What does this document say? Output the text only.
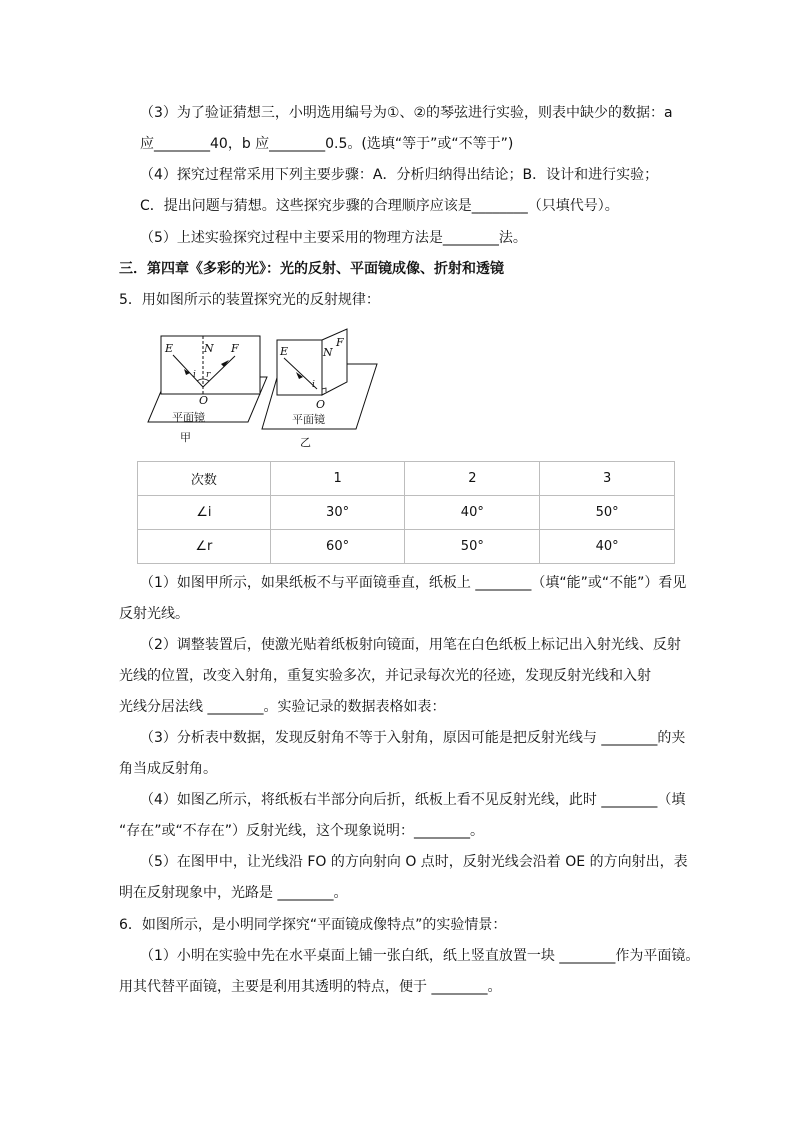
（3）为了验证猜想三，小明选用编号为①、②的琴弦进行实验，则表中缺少的数据：a
应________40，b 应________0.5。(选填“等于”或“不等于”)
（4）探究过程常采用下列主要步骤：A．分析归纳得出结论；B．设计和进行实验；
C．提出问题与猜想。这些探究步骤的合理顺序应该是________（只填代号）。
（5）上述实验探究过程中主要采用的物理方法是________法。
三．第四章《多彩的光》：光的反射、平面镜成像、折射和透镜
5．用如图所示的装置探究光的反射规律：
E	N F
i r
O
平面镜
甲
E	N
F
i
O
平面镜
乙
次数	1	2	3
∠i	30°	40°	50°
∠r	60°	50°	40°
（1）如图甲所示，如果纸板不与平面镜垂直，纸板上 ________（填“能”或“不能”）看见
反射光线。
（2）调整装置后，使激光贴着纸板射向镜面，用笔在白色纸板上标记出入射光线、反射
光线的位置，改变入射角，重复实验多次，并记录每次光的径迹，发现反射光线和入射
光线分居法线 ________。实验记录的数据表格如表：
（3）分析表中数据，发现反射角不等于入射角，原因可能是把反射光线与 ________的夹
角当成反射角。
（4）如图乙所示，将纸板右半部分向后折，纸板上看不见反射光线，此时 ________（填
“存在”或“不存在”）反射光线，这个现象说明：________。
（5）在图甲中，让光线沿 FO 的方向射向 O 点时，反射光线会沿着 OE 的方向射出，表
明在反射现象中，光路是 ________。
6．如图所示，是小明同学探究“平面镜成像特点”的实验情景：
（1）小明在实验中先在水平桌面上铺一张白纸，纸上竖直放置一块 ________作为平面镜。
用其代替平面镜，主要是利用其透明的特点，便于 ________。
